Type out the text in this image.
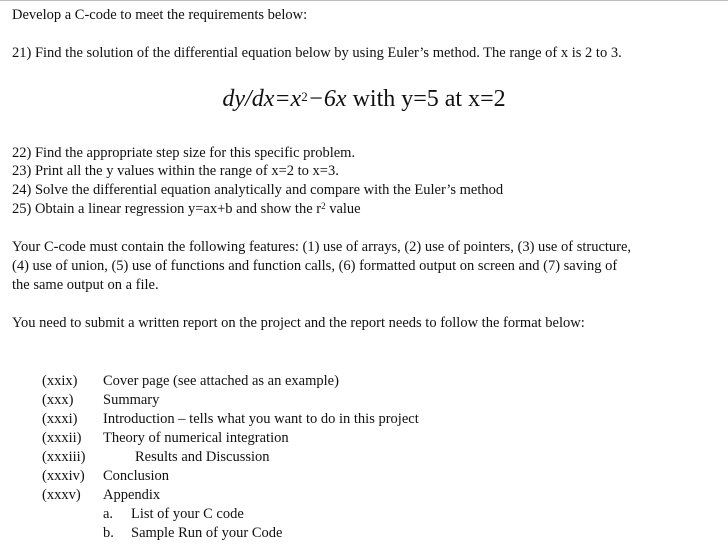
Develop a C-code to meet the requirements below:
21) Find the solution of the differential equation below by using Euler’s method. The range of x is 2 to 3.
$dy/dx=x^2-6x$ with y=5 at x=2
22) Find the appropriate step size for this specific problem.
23) Print all the y values within the range of x=2 to x=3.
24) Solve the differential equation analytically and compare with the Euler’s method
25) Obtain a linear regression y=ax+b and show the $r^2$ value
Your C-code must contain the following features: (1) use of arrays, (2) use of pointers, (3) use of structure,
(4) use of union, (5) use of functions and function calls, (6) formatted output on screen and (7) saving of
the same output on a file.
You need to submit a written report on the project and the report needs to follow the format below:
(xxix) Cover page (see attached as an example)
(xxx) Summary
(xxxi) Introduction – tells what you want to do in this project
(xxxii) Theory of numerical integration
(xxxiii)	Results and Discussion
(xxxiv) Conclusion
(xxxv) Appendix
a. List of your C code
b. Sample Run of your Code
